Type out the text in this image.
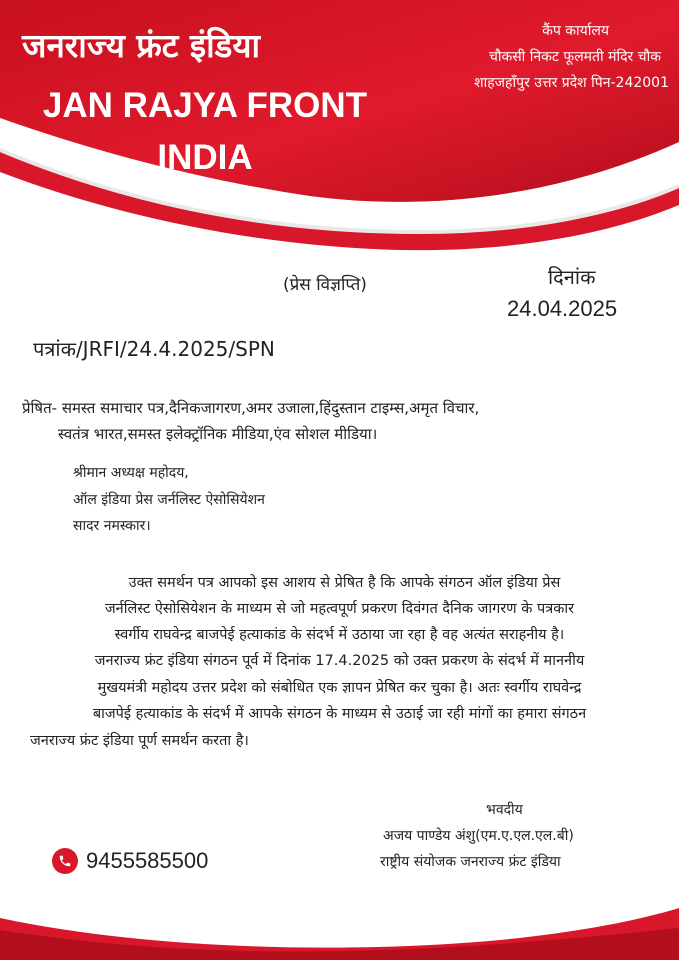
जनराज्य फ्रंट इंडिया
JAN RAJYA FRONT
INDIA
कैंप कार्यालय
चौकसी निकट फूलमती मंदिर चौक
शाहजहाँपुर उत्तर प्रदेश पिन-242001
(प्रेस विज्ञप्ति)	दिनांक
24.04.2025
पत्रांक/JRFI/24.4.2025/SPN
प्रेषित- समस्त समाचार पत्र,दैनिकजागरण,अमर उजाला,हिंदुस्तान टाइम्स,अमृत विचार,
स्वतंत्र भारत,समस्त इलेक्ट्रॉनिक मीडिया,एंव सोशल मीडिया।
श्रीमान अध्यक्ष महोदय,
ऑल इंडिया प्रेस जर्नलिस्ट ऐसोसियेशन
सादर नमस्कार।
उक्त समर्थन पत्र आपको इस आशय से प्रेषित है कि आपके संगठन ऑल इंडिया प्रेस
जर्नलिस्ट ऐसोसियेशन के माध्यम से जो महत्वपूर्ण प्रकरण दिवंगत दैनिक जागरण के पत्रकार
स्वर्गीय राघवेन्द्र बाजपेई हत्याकांड के संदर्भ में उठाया जा रहा है वह अत्यंत सराहनीय है।
जनराज्य फ्रंट इंडिया संगठन पूर्व में दिनांक 17.4.2025 को उक्त प्रकरण के संदर्भ में माननीय
मुखयमंत्री महोदय उत्तर प्रदेश को संबोधित एक ज्ञापन प्रेषित कर चुका है। अतः स्वर्गीय राघवेन्द्र
बाजपेई हत्याकांड के संदर्भ में आपके संगठन के माध्यम से उठाई जा रही मांगों का हमारा संगठन
जनराज्य फ्रंट इंडिया पूर्ण समर्थन करता है।
भवदीय
अजय पाण्डेय अंशु(एम.ए.एल.एल.बी)
राष्ट्रीय संयोजक जनराज्य फ्रंट इंडिया
9455585500
